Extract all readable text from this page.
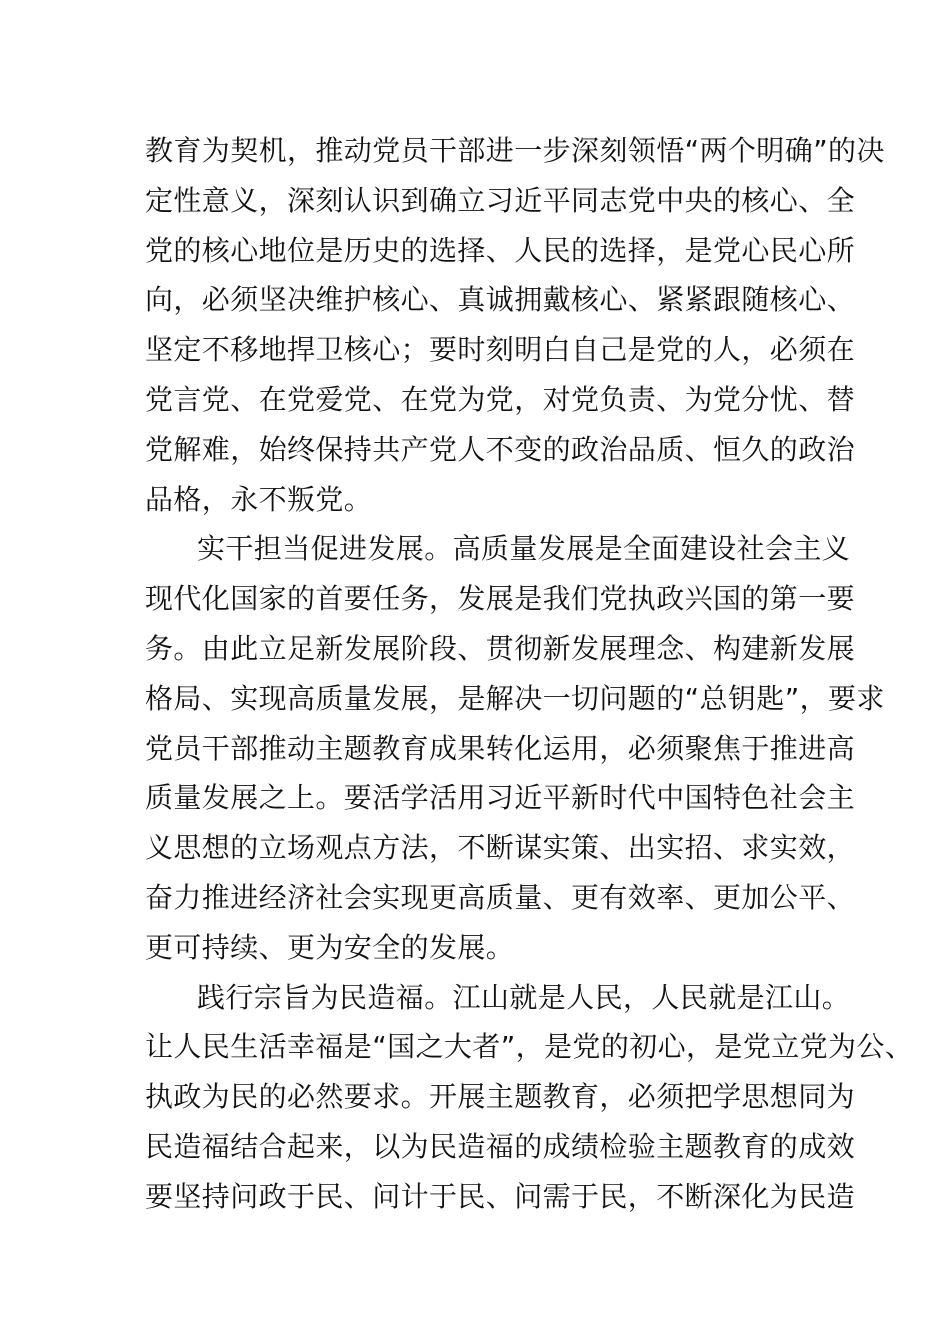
教育为契机，推动党员干部进一步深刻领悟“两个明确”的决
定性意义，深刻认识到确立习近平同志党中央的核心、全
党的核心地位是历史的选择、人民的选择，是党心民心所
向，必须坚决维护核心、真诚拥戴核心、紧紧跟随核心、
坚定不移地捍卫核心；要时刻明白自己是党的人，必须在
党言党、在党爱党、在党为党，对党负责、为党分忧、替
党解难，始终保持共产党人不变的政治品质、恒久的政治
品格，永不叛党。
实干担当促进发展。高质量发展是全面建设社会主义
现代化国家的首要任务，发展是我们党执政兴国的第一要
务。由此立足新发展阶段、贯彻新发展理念、构建新发展
格局、实现高质量发展，是解决一切问题的“总钥匙”，要求
党员干部推动主题教育成果转化运用，必须聚焦于推进高
质量发展之上。要活学活用习近平新时代中国特色社会主
义思想的立场观点方法，不断谋实策、出实招、求实效，
奋力推进经济社会实现更高质量、更有效率、更加公平、
更可持续、更为安全的发展。
践行宗旨为民造福。江山就是人民，人民就是江山。
让人民生活幸福是“国之大者”，是党的初心，是党立党为公、
执政为民的必然要求。开展主题教育，必须把学思想同为
民造福结合起来，以为民造福的成绩检验主题教育的成效
要坚持问政于民、问计于民、问需于民，不断深化为民造
